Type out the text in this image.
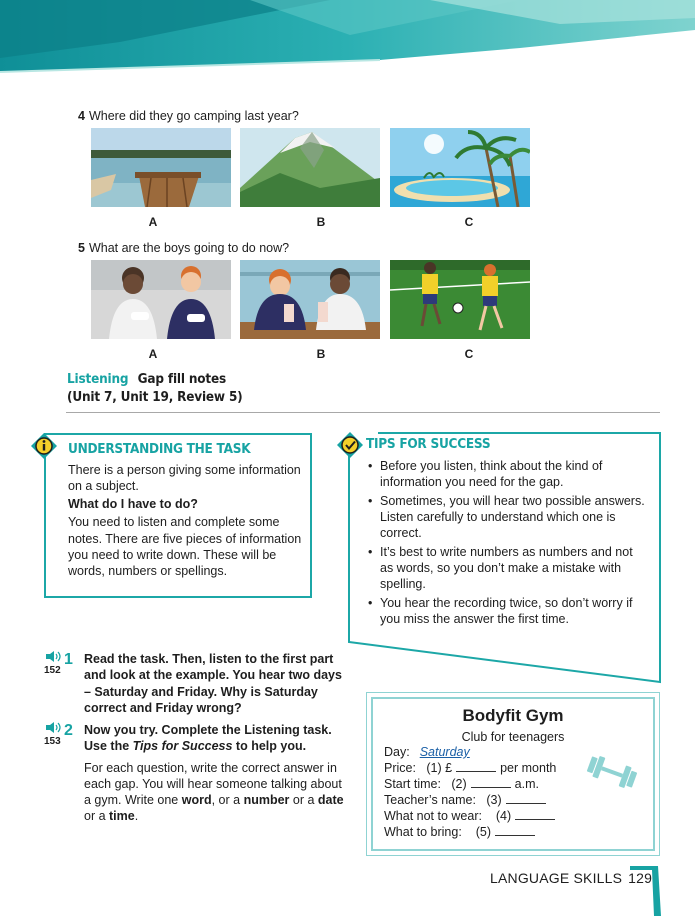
4 Where did they go camping last year?
A	B	C
5 What are the boys going to do now?
A	B	C
Listening Gap fill notes
(Unit 7, Unit 19, Review 5)
UNDERSTANDING THE TASK

There is a person giving some information on a subject.

What do I have to do?

You need to listen and complete some notes. There are five pieces of information you need to write down. These will be words, numbers or spellings.

TIPS FOR SUCCESS
• Before you listen, think about the kind of information you need for the gap.
• Sometimes, you will hear two possible answers. Listen carefully to understand which one is correct.
• It’s best to write numbers as numbers and not as words, so you don’t make a mistake with spelling.
• You hear the recording twice, so don’t worry if you miss the answer the first time.
152
1 Read the task. Then, listen to the first part and look at the example. You hear two days – Saturday and Friday. Why is Saturday correct and Friday wrong?
153
2 Now you try. Complete the Listening task. Use the Tips for Success to help you.
For each question, write the correct answer in each gap. You will hear someone talking about a gym. Write one word, or a number or a date or a time.
Bodyfit Gym
Club for teenagers
Day: Saturday
Price: (1) £	per month
Start time: (2)	a.m.
Teacher’s name: (3)
What not to wear: (4)
What to bring: (5)
LANGUAGE SKILLS 129
